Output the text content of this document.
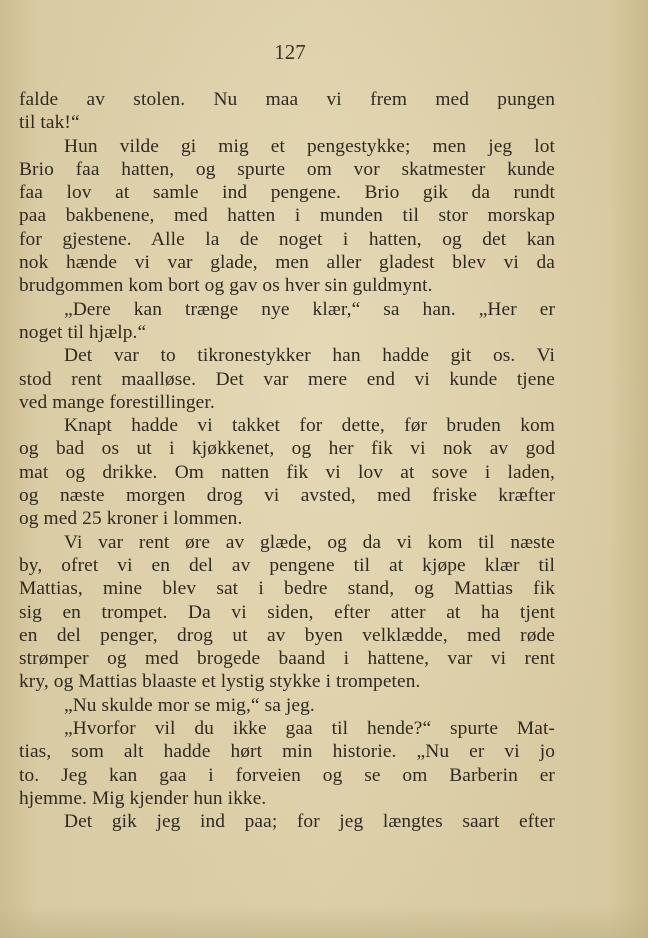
127
falde av stolen. Nu maa vi frem med pungen
til tak!“
Hun vilde gi mig et pengestykke; men jeg lot
Brio faa hatten, og spurte om vor skatmester kunde
faa lov at samle ind pengene. Brio gik da rundt
paa bakbenene, med hatten i munden til stor morskap
for gjestene. Alle la de noget i hatten, og det kan
nok hænde vi var glade, men aller gladest blev vi da
brudgommen kom bort og gav os hver sin guldmynt.
„Dere kan trænge nye klær,“ sa han. „Her er
noget til hjælp.“
Det var to tikronestykker han hadde git os. Vi
stod rent maalløse. Det var mere end vi kunde tjene
ved mange forestillinger.
Knapt hadde vi takket for dette, før bruden kom
og bad os ut i kjøkkenet, og her fik vi nok av god
mat og drikke. Om natten fik vi lov at sove i laden,
og næste morgen drog vi avsted, med friske kræfter
og med 25 kroner i lommen.
Vi var rent øre av glæde, og da vi kom til næste
by, ofret vi en del av pengene til at kjøpe klær til
Mattias, mine blev sat i bedre stand, og Mattias fik
sig en trompet. Da vi siden, efter atter at ha tjent
en del penger, drog ut av byen velklædde, med røde
strømper og med brogede baand i hattene, var vi rent
kry, og Mattias blaaste et lystig stykke i trompeten.
„Nu skulde mor se mig,“ sa jeg.
„Hvorfor vil du ikke gaa til hende?“ spurte Mat-
tias, som alt hadde hørt min historie. „Nu er vi jo
to. Jeg kan gaa i forveien og se om Barberin er
hjemme. Mig kjender hun ikke.
Det gik jeg ind paa; for jeg længtes saart efter
